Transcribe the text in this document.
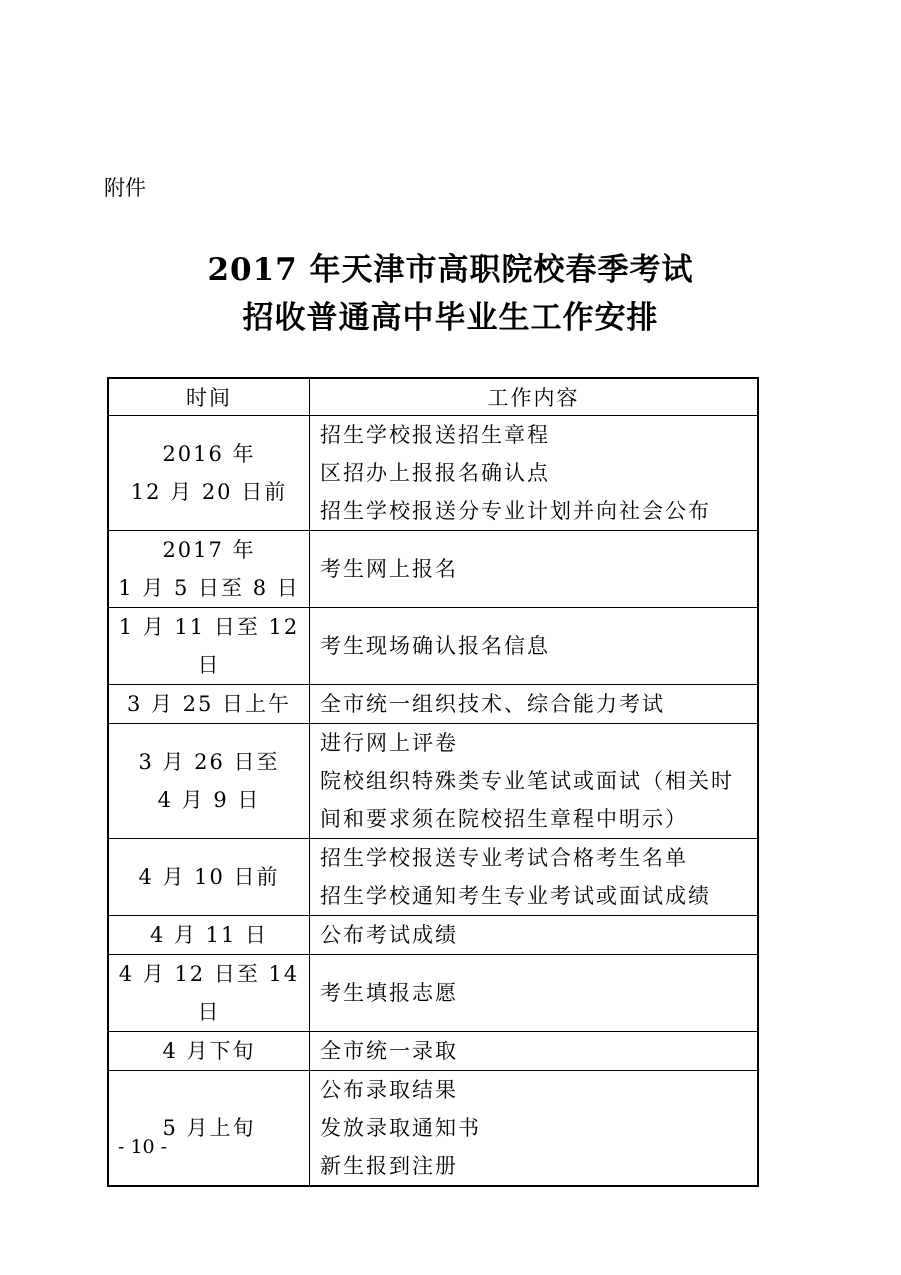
附件
2017 年天津市高职院校春季考试
招收普通高中毕业生工作安排
时间	工作内容

2016 年
12 月 20 日前	招生学校报送招生章程
区招办上报报名确认点
招生学校报送分专业计划并向社会公布

2017 年
1 月 5 日至 8 日	考生网上报名

1 月 11 日至 12 日	考生现场确认报名信息

3 月 25 日上午	全市统一组织技术、综合能力考试

3 月 26 日至
4 月 9 日	进行网上评卷
院校组织特殊类专业笔试或面试（相关时
间和要求须在院校招生章程中明示）

4 月 10 日前	招生学校报送专业考试合格考生名单
招生学校通知考生专业考试或面试成绩

4 月 11 日	公布考试成绩

4 月 12 日至 14 日	考生填报志愿

4 月下旬	全市统一录取

5 月上旬	公布录取结果
发放录取通知书
新生报到注册
- 10 -
